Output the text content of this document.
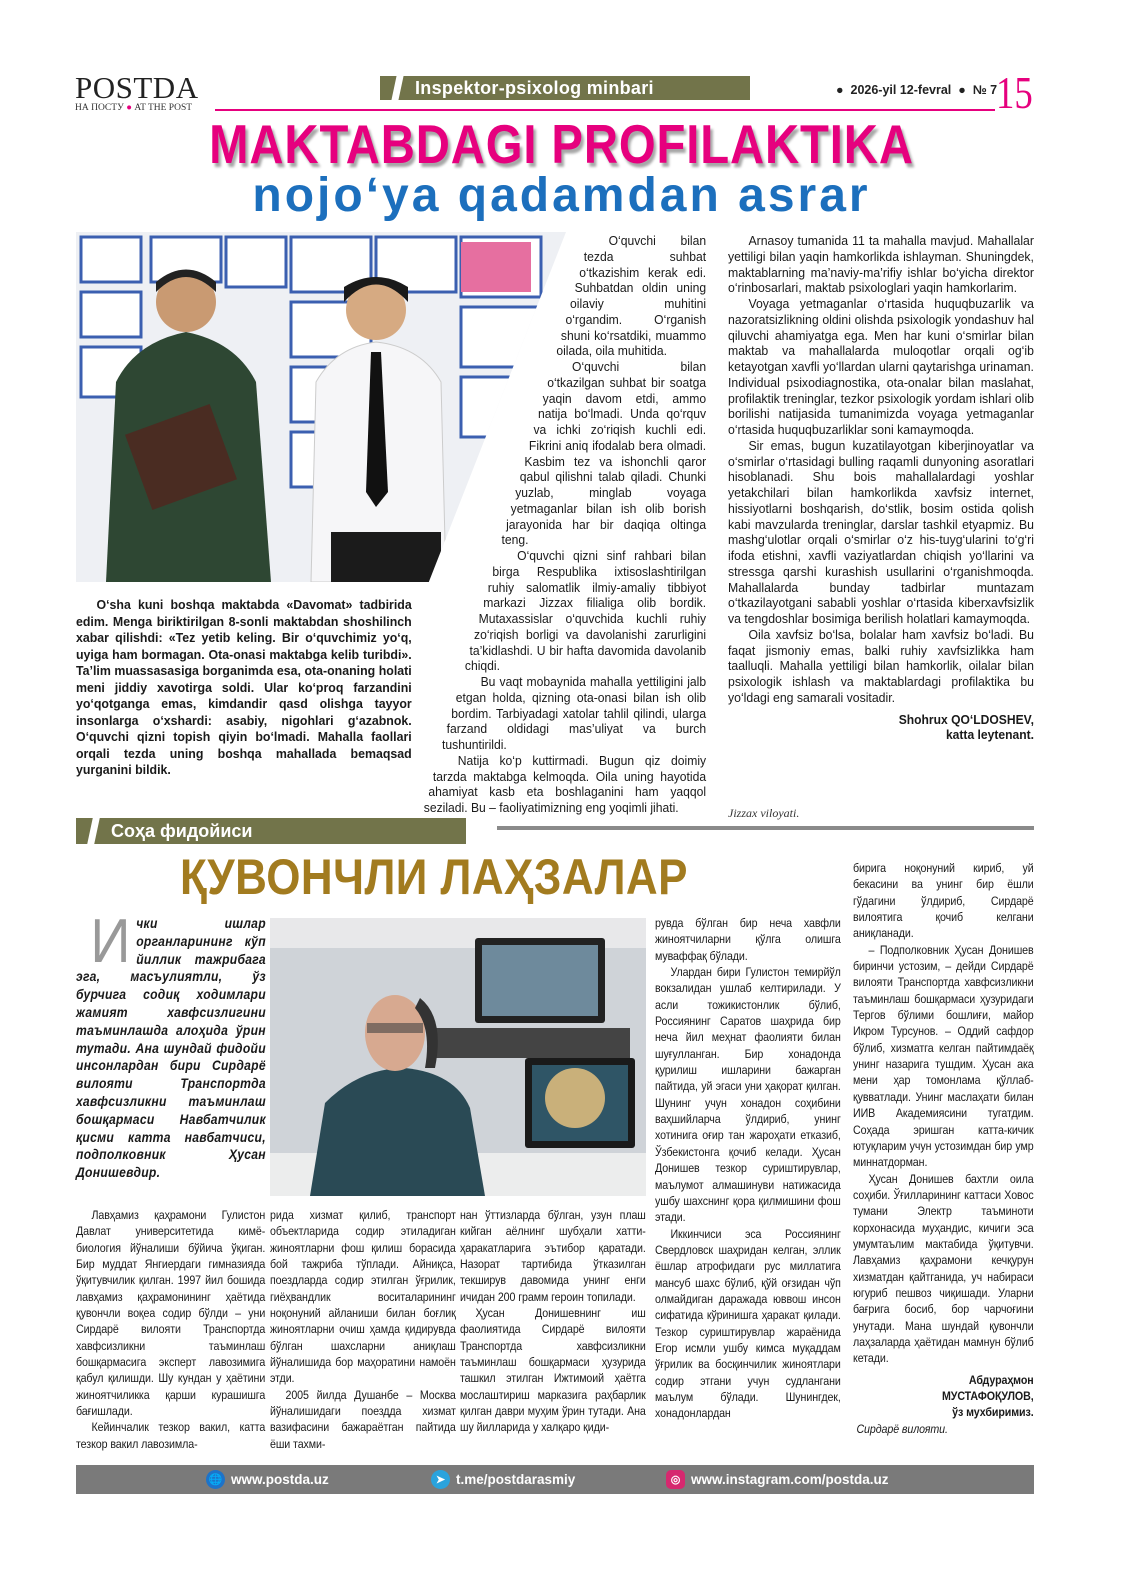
POSTDA
НА ПОСТУ ● AT THE POST
Inspektor-psixolog minbari	●  2026-yil 12-fevral  ●  № 7
15
MAKTABDAGI PROFILAKTIKA
nojo‘ya qadamdan asrar

O‘sha kuni boshqa maktabda «Davomat» tadbirida edim. Menga biriktirilgan 8-sonli maktabdan shoshilinch xabar qilishdi: «Tez yetib keling. Bir o‘quvchimiz yo‘q, uyiga ham bormagan. Ota-onasi maktabga kelib turibdi». Ta’lim muassasasiga borganimda esa, ota-onaning holati meni jiddiy xavotirga soldi. Ular ko‘proq farzandini yo‘qotganga emas, kimdandir qasd olishga tayyor insonlarga o‘xshardi: asabiy, nigohlari g‘azabnok. O‘quvchi qizni topish qiyin bo‘lmadi. Mahalla faollari orqali tezda uning boshqa mahallada bemaqsad yurganini bildik.

O‘quvchi bilan tezda suhbat o‘tkazishim kerak edi. Suhbatdan oldin uning oilaviy muhitini o‘rgandim. O‘rganish shuni ko‘rsatdiki, muammo oilada, oila muhitida.

O‘quvchi bilan o‘tkazilgan suhbat bir soatga yaqin davom etdi, ammo natija bo‘lmadi. Unda qo‘rquv va ichki zo‘riqish kuchli edi. Fikrini aniq ifodalab bera olmadi. Kasbim tez va ishonchli qaror qabul qilishni talab qiladi. Chunki yuzlab, minglab voyaga yetmaganlar bilan ish olib borish jarayonida har bir daqiqa oltinga teng.

O‘quvchi qizni sinf rahbari bilan birga Respublika ixtisoslashtirilgan ruhiy salomatlik ilmiy-amaliy tibbiyot markazi Jizzax filialiga olib bordik. Mutaxassislar o‘quvchida kuchli ruhiy zo‘riqish borligi va davolanishi zarurligini ta’kidlashdi. U bir hafta davomida davolanib chiqdi.

Bu vaqt mobaynida mahalla yettiligini jalb etgan holda, qizning ota-onasi bilan ish olib bordim. Tarbiyadagi xatolar tahlil qilindi, ularga farzand oldidagi mas’uliyat va burch tushuntirildi.

Natija ko‘p kuttirmadi. Bugun qiz doimiy tarzda maktabga kelmoqda. Oila uning hayotida ahamiyat kasb eta boshlaganini ham yaqqol seziladi. Bu – faoliyatimizning eng yoqimli jihati.

Arnasoy tumanida 11 ta mahalla mavjud. Mahallalar yettiligi bilan yaqin hamkorlikda ishlayman. Shuningdek, maktablarning ma’naviy-ma’rifiy ishlar bo‘yicha direktor o‘rinbosarlari, maktab psixologlari yaqin hamkorlarim.

Voyaga yetmaganlar o‘rtasida huquqbuzarlik va nazoratsizlikning oldini olishda psixologik yondashuv hal qiluvchi ahamiyatga ega. Men har kuni o‘smirlar bilan maktab va mahallalarda muloqotlar orqali og‘ib ketayotgan xavfli yo‘llardan ularni qaytarishga urinaman. Individual psixodiagnostika, ota-onalar bilan maslahat, profilaktik treninglar, tezkor psixologik yordam ishlari olib borilishi natijasida tumanimizda voyaga yetmaganlar o‘rtasida huquqbuzarliklar soni kamaymoqda.

Sir emas, bugun kuzatilayotgan kiberjinoyatlar va o‘smirlar o‘rtasidagi bulling raqamli dunyoning asoratlari hisoblanadi. Shu bois mahallalardagi yoshlar yetakchilari bilan hamkorlikda xavfsiz internet, hissiyotlarni boshqarish, do‘stlik, bosim ostida qolish kabi mavzularda treninglar, darslar tashkil etyapmiz. Bu mashg‘ulotlar orqali o‘smirlar o‘z his-tuyg‘ularini to‘g‘ri ifoda etishni, xavfli vaziyatlardan chiqish yo‘llarini va stressga qarshi kurashish usullarini o‘rganishmoqda. Mahallalarda bunday tadbirlar muntazam o‘tkazilayotgani sababli yoshlar o‘rtasida kiberxavfsizlik va tengdoshlar bosimiga berilish holatlari kamaymoqda.

Oila xavfsiz bo‘lsa, bolalar ham xavfsiz bo‘ladi. Bu faqat jismoniy emas, balki ruhiy xavfsizlikka ham taalluqli. Mahalla yettiligi bilan hamkorlik, oilalar bilan psixologik ishlash va maktablardagi profilaktika bu yo‘ldagi eng samarali vositadir.

Shohrux QO‘LDOSHEV,
katta leytenant.
Jizzax viloyati.
Соҳа фидойиси
ҚУВОНЧЛИ ЛАҲЗАЛАР
Ички ишлар органларининг кўп йиллик тажрибага эга, масъулиятли, ўз бурчига содиқ ходимлари жамият хавфсизлигини таъминлашда алоҳида ўрин тутади. Ана шундай фидойи инсонлардан бири Сирдарё вилояти Транспортда хавфсизликни таъминлаш бошқармаси Навбатчилик қисми катта навбатчиси, подполковник Ҳусан Донишевдир.

Лавҳамиз қаҳрамони Гулистон Давлат университетида кимё-биология йўналиши бўйича ўқиган. Бир муддат Янгиердаги гимназияда ўқитувчилик қилган. 1997 йил бошида лавҳамиз қаҳрамонининг ҳаётида қувончли воқеа содир бўлди – уни Сирдарё вилояти Транспортда хавфсизликни таъминлаш бошқармасига эксперт лавозимига қабул қилишди. Шу кундан у ҳаётини жиноятчиликка қарши курашишга бағишлади.

Кейинчалик тезкор вакил, катта тезкор вакил лавозимла-

рида хизмат қилиб, транспорт объектларида содир этиладиган жиноятларни фош қилиш борасида бой тажриба тўплади. Айниқса, поездларда содир этилган ўғрилик, гиёҳвандлик воситаларининг ноқонуний айланиши билан боғлиқ жиноятларни очиш ҳамда қидирувда бўлган шахсларни аниқлаш йўналишида бор маҳоратини намоён этди.

2005 йилда Душанбе – Москва йўналишидаги поездда хизмат вазифасини бажараётган пайтида ёши тахми-

нан ўттизларда бўлган, узун плаш кийган аёлнинг шубҳали хатти-ҳаракатларига эътибор қаратади. Назорат тартибида ўтказилган текширув давомида унинг енги ичидан 200 грамм героин топилади.

Ҳусан Донишевнинг иш фаолиятида Сирдарё вилояти Транспортда хавфсизликни таъминлаш бошқармаси ҳузурида ташкил этилган Ижтимоий ҳаётга мослаштириш марказига раҳбарлик қилган даври муҳим ўрин тутади. Ана шу йилларида у халқаро қиди-

рувда бўлган бир неча хавфли жиноятчиларни қўлга олишга муваффақ бўлади.

Улардан бири Гулистон темирйўл вокзалидан ушлаб келтирилади. У асли тожикистонлик бўлиб, Россиянинг Саратов шаҳрида бир неча йил меҳнат фаолияти билан шуғулланган. Бир хонадонда қурилиш ишларини бажарган пайтида, уй эгаси уни ҳақорат қилган. Шунинг учун хонадон соҳибини ваҳшийларча ўлдириб, унинг хотинига оғир тан жароҳати етказиб, Ўзбекистонга қочиб келади. Ҳусан Донишев тезкор суриштирувлар, маълумот алмашинуви натижасида ушбу шахснинг қора қилмишини фош этади.

Иккинчиси эса Россиянинг Свердловск шаҳридан келган, эллик ёшлар атрофидаги рус миллатига мансуб шахс бўлиб, қўй оғзидан чўп олмайдиган даражада юввош инсон сифатида кўринишга ҳаракат қилади. Тезкор суриштирувлар жараёнида Егор исмли ушбу кимса муқаддам ўғрилик ва босқинчилик жиноятлари содир этгани учун судлангани маълум бўлади. Шунингдек, хонадонлардан

бирига ноқонуний кириб, уй бекасини ва унинг бир ёшли гўдагини ўлдириб, Сирдарё вилоятига қочиб келгани аниқланади.

– Подполковник Ҳусан Донишев биринчи устозим, – дейди Сирдарё вилояти Транспортда хавфсизликни таъминлаш бошқармаси ҳузуридаги Тергов бўлими бошлиғи, майор Икром Турсунов. – Оддий сафдор бўлиб, хизматга келган пайтимдаёқ унинг назарига тушдим. Ҳусан ака мени ҳар томонлама қўллаб-қувватлади. Унинг маслаҳати билан ИИВ Академиясини тугатдим. Соҳада эришган катта-кичик ютуқларим учун устозимдан бир умр миннатдорман.

Ҳусан Донишев бахтли оила соҳиби. Ўғилларининг каттаси Ховос тумани Электр таъминоти корхонасида муҳандис, кичиги эса умумтаълим мактабида ўқитувчи. Лавҳамиз қаҳрамони кечқурун хизматдан қайтганида, уч набираси югуриб пешвоз чиқишади. Уларни бағрига босиб, бор чарчоғини унутади. Мана шундай қувончли лаҳзаларда ҳаётидан мамнун бўлиб кетади.

Абдураҳмон
МУСТАФОҚУЛОВ,
ўз мухбиримиз.
Сирдарё вилояти.
🌐 www.postda.uz	➤ t.me/postdarasmiy	◎ www.instagram.com/postda.uz
